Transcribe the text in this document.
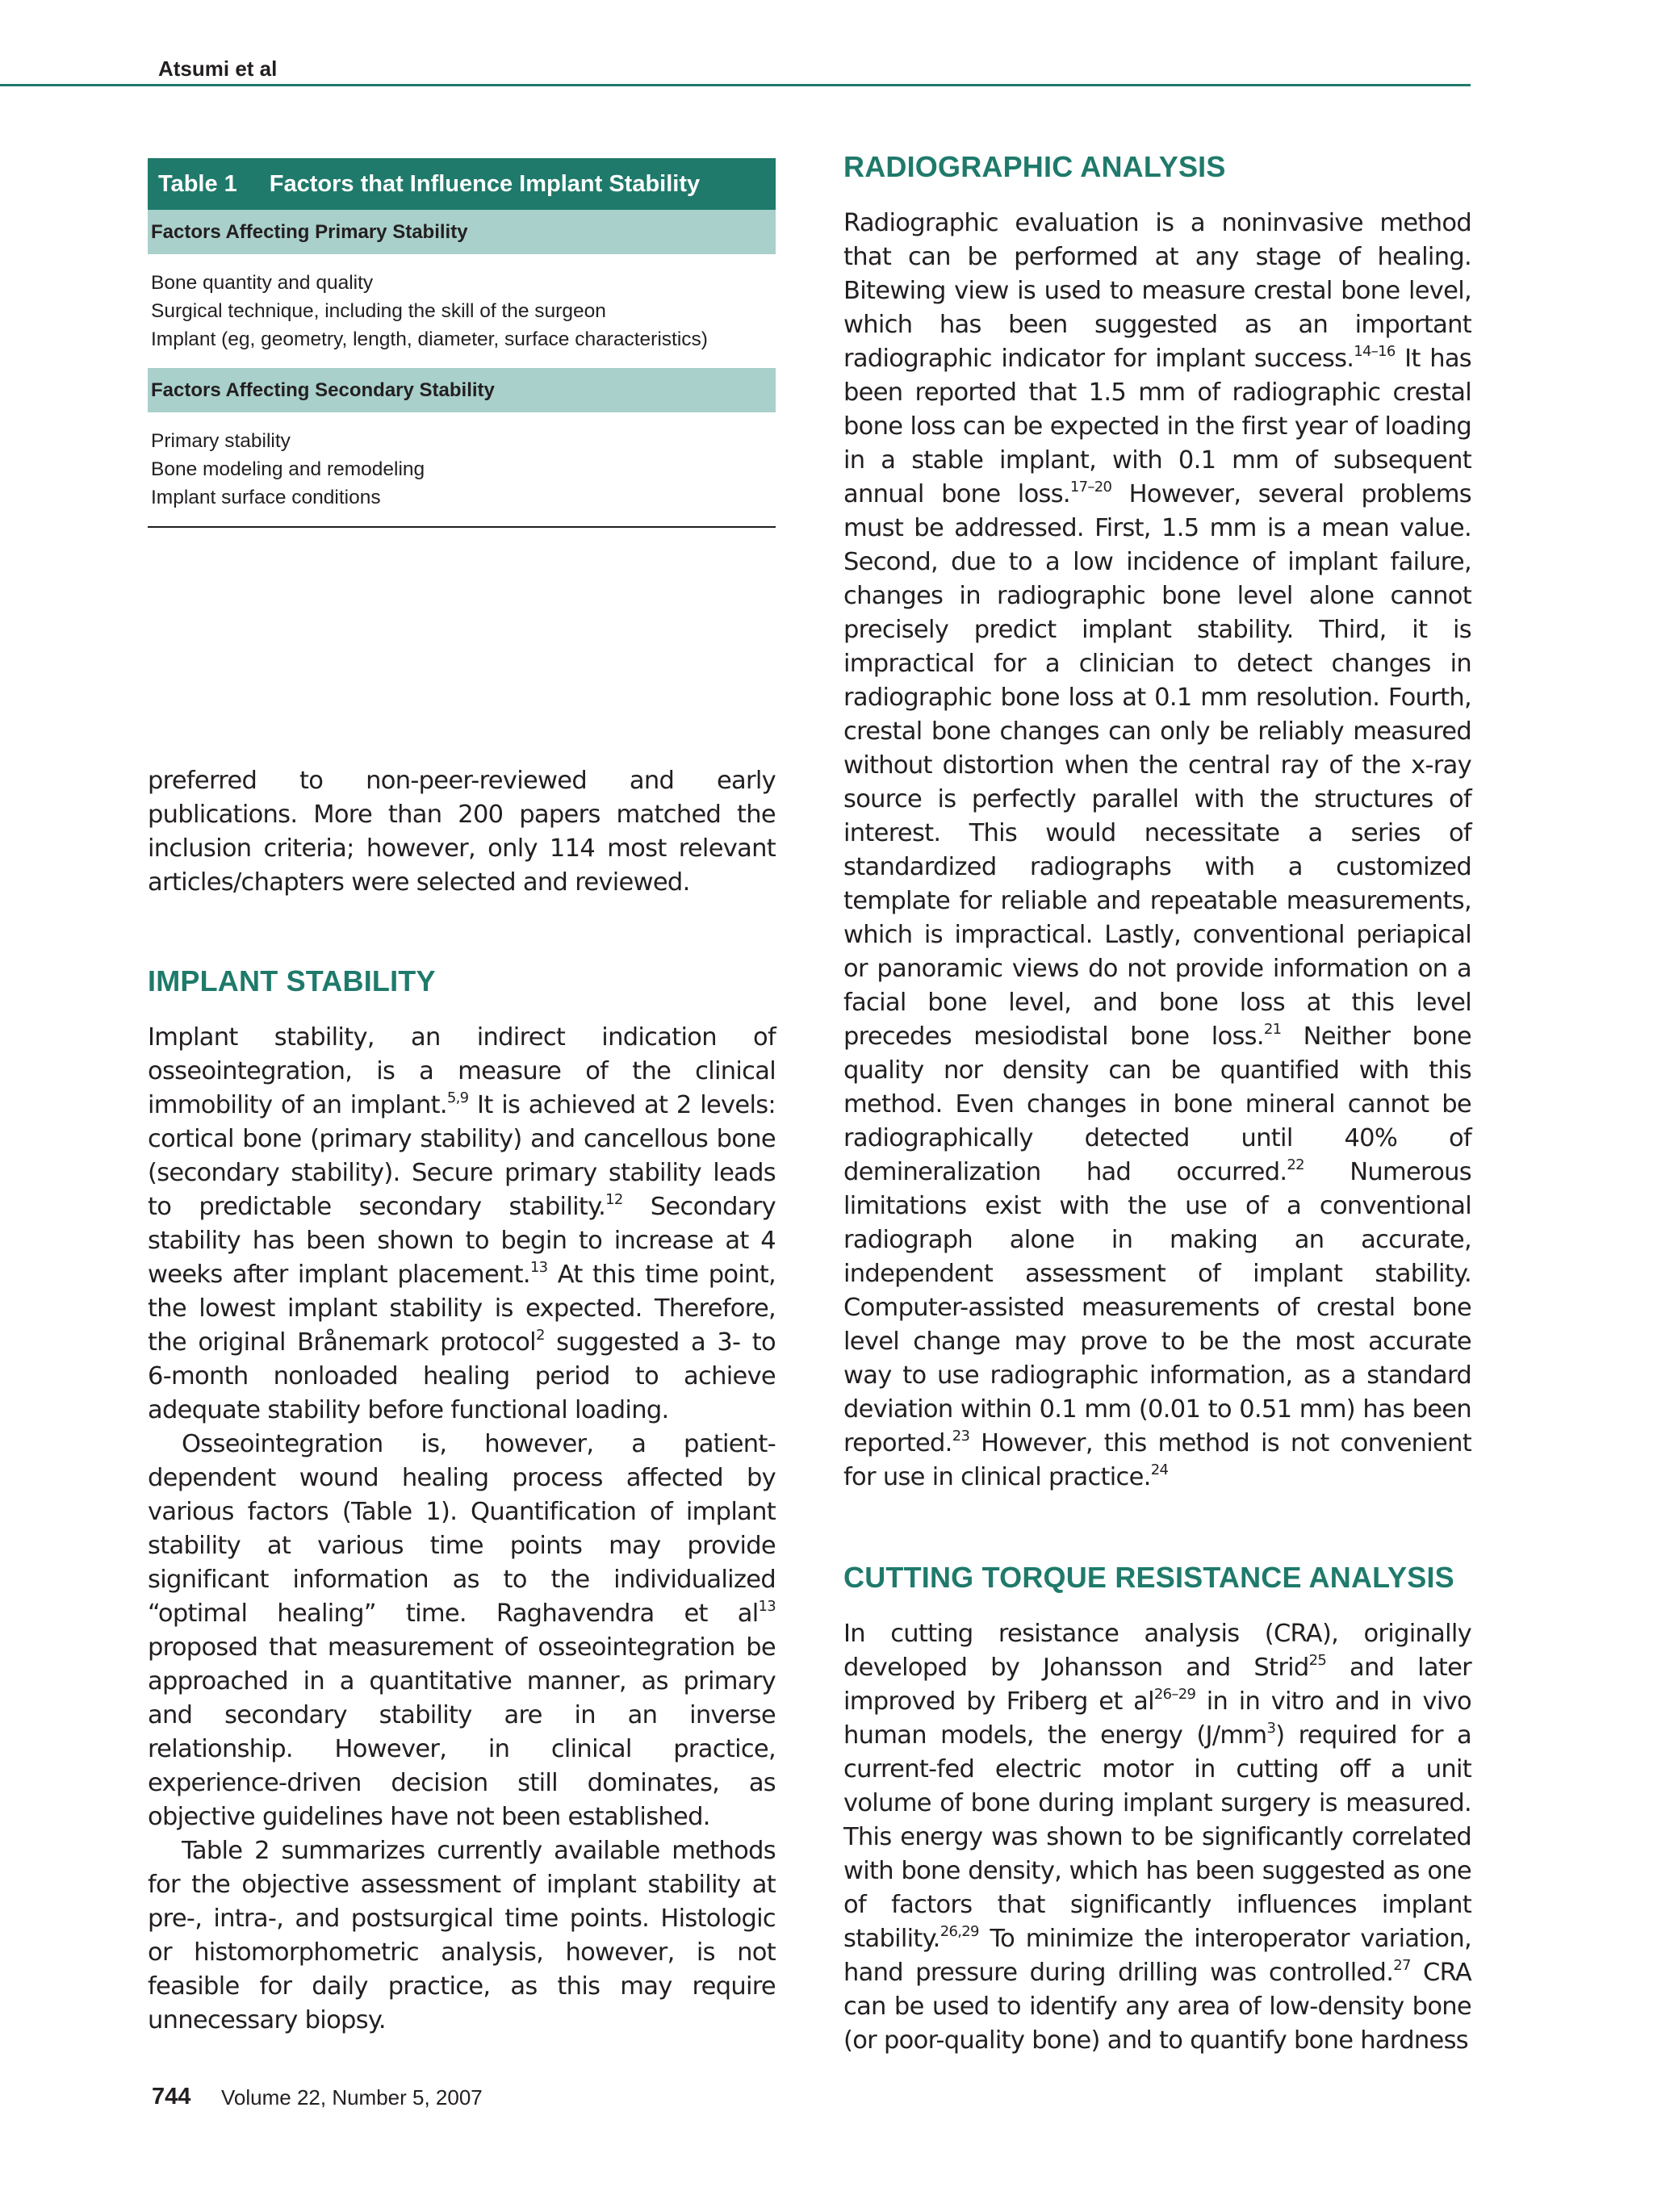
Atsumi et al
Table 1 Factors that Influence Implant Stability
Factors Affecting Primary Stability
Bone quantity and quality
Surgical technique, including the skill of the surgeon
Implant (eg, geometry, length, diameter, surface characteristics)
Factors Affecting Secondary Stability
Primary stability
Bone modeling and remodeling
Implant surface conditions

preferred to non-peer-reviewed and early publications. More than 200 papers matched the inclusion criteria; however, only 114 most relevant articles/chapters were selected and reviewed.

IMPLANT STABILITY

Implant stability, an indirect indication of osseointegration, is a measure of the clinical immobility of an implant.$^{5,9}$ It is achieved at 2 levels: cortical bone (primary stability) and cancellous bone (secondary stability). Secure primary stability leads to predictable secondary stability.$^{12}$ Secondary stability has been shown to begin to increase at 4 weeks after implant placement.$^{13}$ At this time point, the lowest implant stability is expected. Therefore, the original Brånemark protocol$^2$ suggested a 3- to 6-month nonloaded healing period to achieve adequate stability before functional loading.

Osseointegration is, however, a patient-dependent wound healing process affected by various factors (Table 1). Quantification of implant stability at various time points may provide significant information as to the individualized “optimal healing” time. Raghavendra et $al^{13}$ proposed that measurement of osseointegration be approached in a quantitative manner, as primary and secondary stability are in an inverse relationship. However, in clinical practice, experience-driven decision still dominates, as objective guidelines have not been established.

Table 2 summarizes currently available methods for the objective assessment of implant stability at pre-, intra-, and postsurgical time points. Histologic or histomorphometric analysis, however, is not feasible for daily practice, as this may require unnecessary biopsy.

RADIOGRAPHIC ANALYSIS

Radiographic evaluation is a noninvasive method that can be performed at any stage of healing. Bitewing view is used to measure crestal bone level, which has been suggested as an important radiographic indicator for implant success.$^{14-16}$ It has been reported that 1.5 mm of radiographic crestal bone loss can be expected in the first year of loading in a stable implant, with 0.1 mm of subsequent annual bone loss.$^{17-20}$ However, several problems must be addressed. First, 1.5 mm is a mean value. Second, due to a low incidence of implant failure, changes in radiographic bone level alone cannot precisely predict implant stability. Third, it is impractical for a clinician to detect changes in radiographic bone loss at 0.1 mm resolution. Fourth, crestal bone changes can only be reliably measured without distortion when the central ray of the x-ray source is perfectly parallel with the structures of interest. This would necessitate a series of standardized radiographs with a customized template for reliable and repeatable measurements, which is impractical. Lastly, conventional periapical or panoramic views do not provide information on a facial bone level, and bone loss at this level precedes mesiodistal bone loss.$^{21}$ Neither bone quality nor density can be quantified with this method. Even changes in bone mineral cannot be radiographically detected until 40% of demineralization had occurred.$^{22}$ Numerous limitations exist with the use of a conventional radiograph alone in making an accurate, independent assessment of implant stability. Computer-assisted measurements of crestal bone level change may prove to be the most accurate way to use radiographic information, as a standard deviation within 0.1 mm (0.01 to 0.51 mm) has been reported.$^{23}$ However, this method is not convenient for use in clinical practice.$^{24}$

CUTTING TORQUE RESISTANCE ANALYSIS

In cutting resistance analysis (CRA), originally developed by Johansson and Strid$^{25}$ and later improved by Friberg et $al^{26-29}$ in in vitro and in vivo human models, the energy $(J/mm^3)$ required for a current-fed electric motor in cutting off a unit volume of bone during implant surgery is measured. This energy was shown to be significantly correlated with bone density, which has been suggested as one of factors that significantly influences implant stability.$^{26,29}$ To minimize the interoperator variation, hand pressure during drilling was controlled.$^{27}$ CRA can be used to identify any area of low-density bone (or poor-quality bone) and to quantify bone hardness

744 Volume 22, Number 5, 2007
